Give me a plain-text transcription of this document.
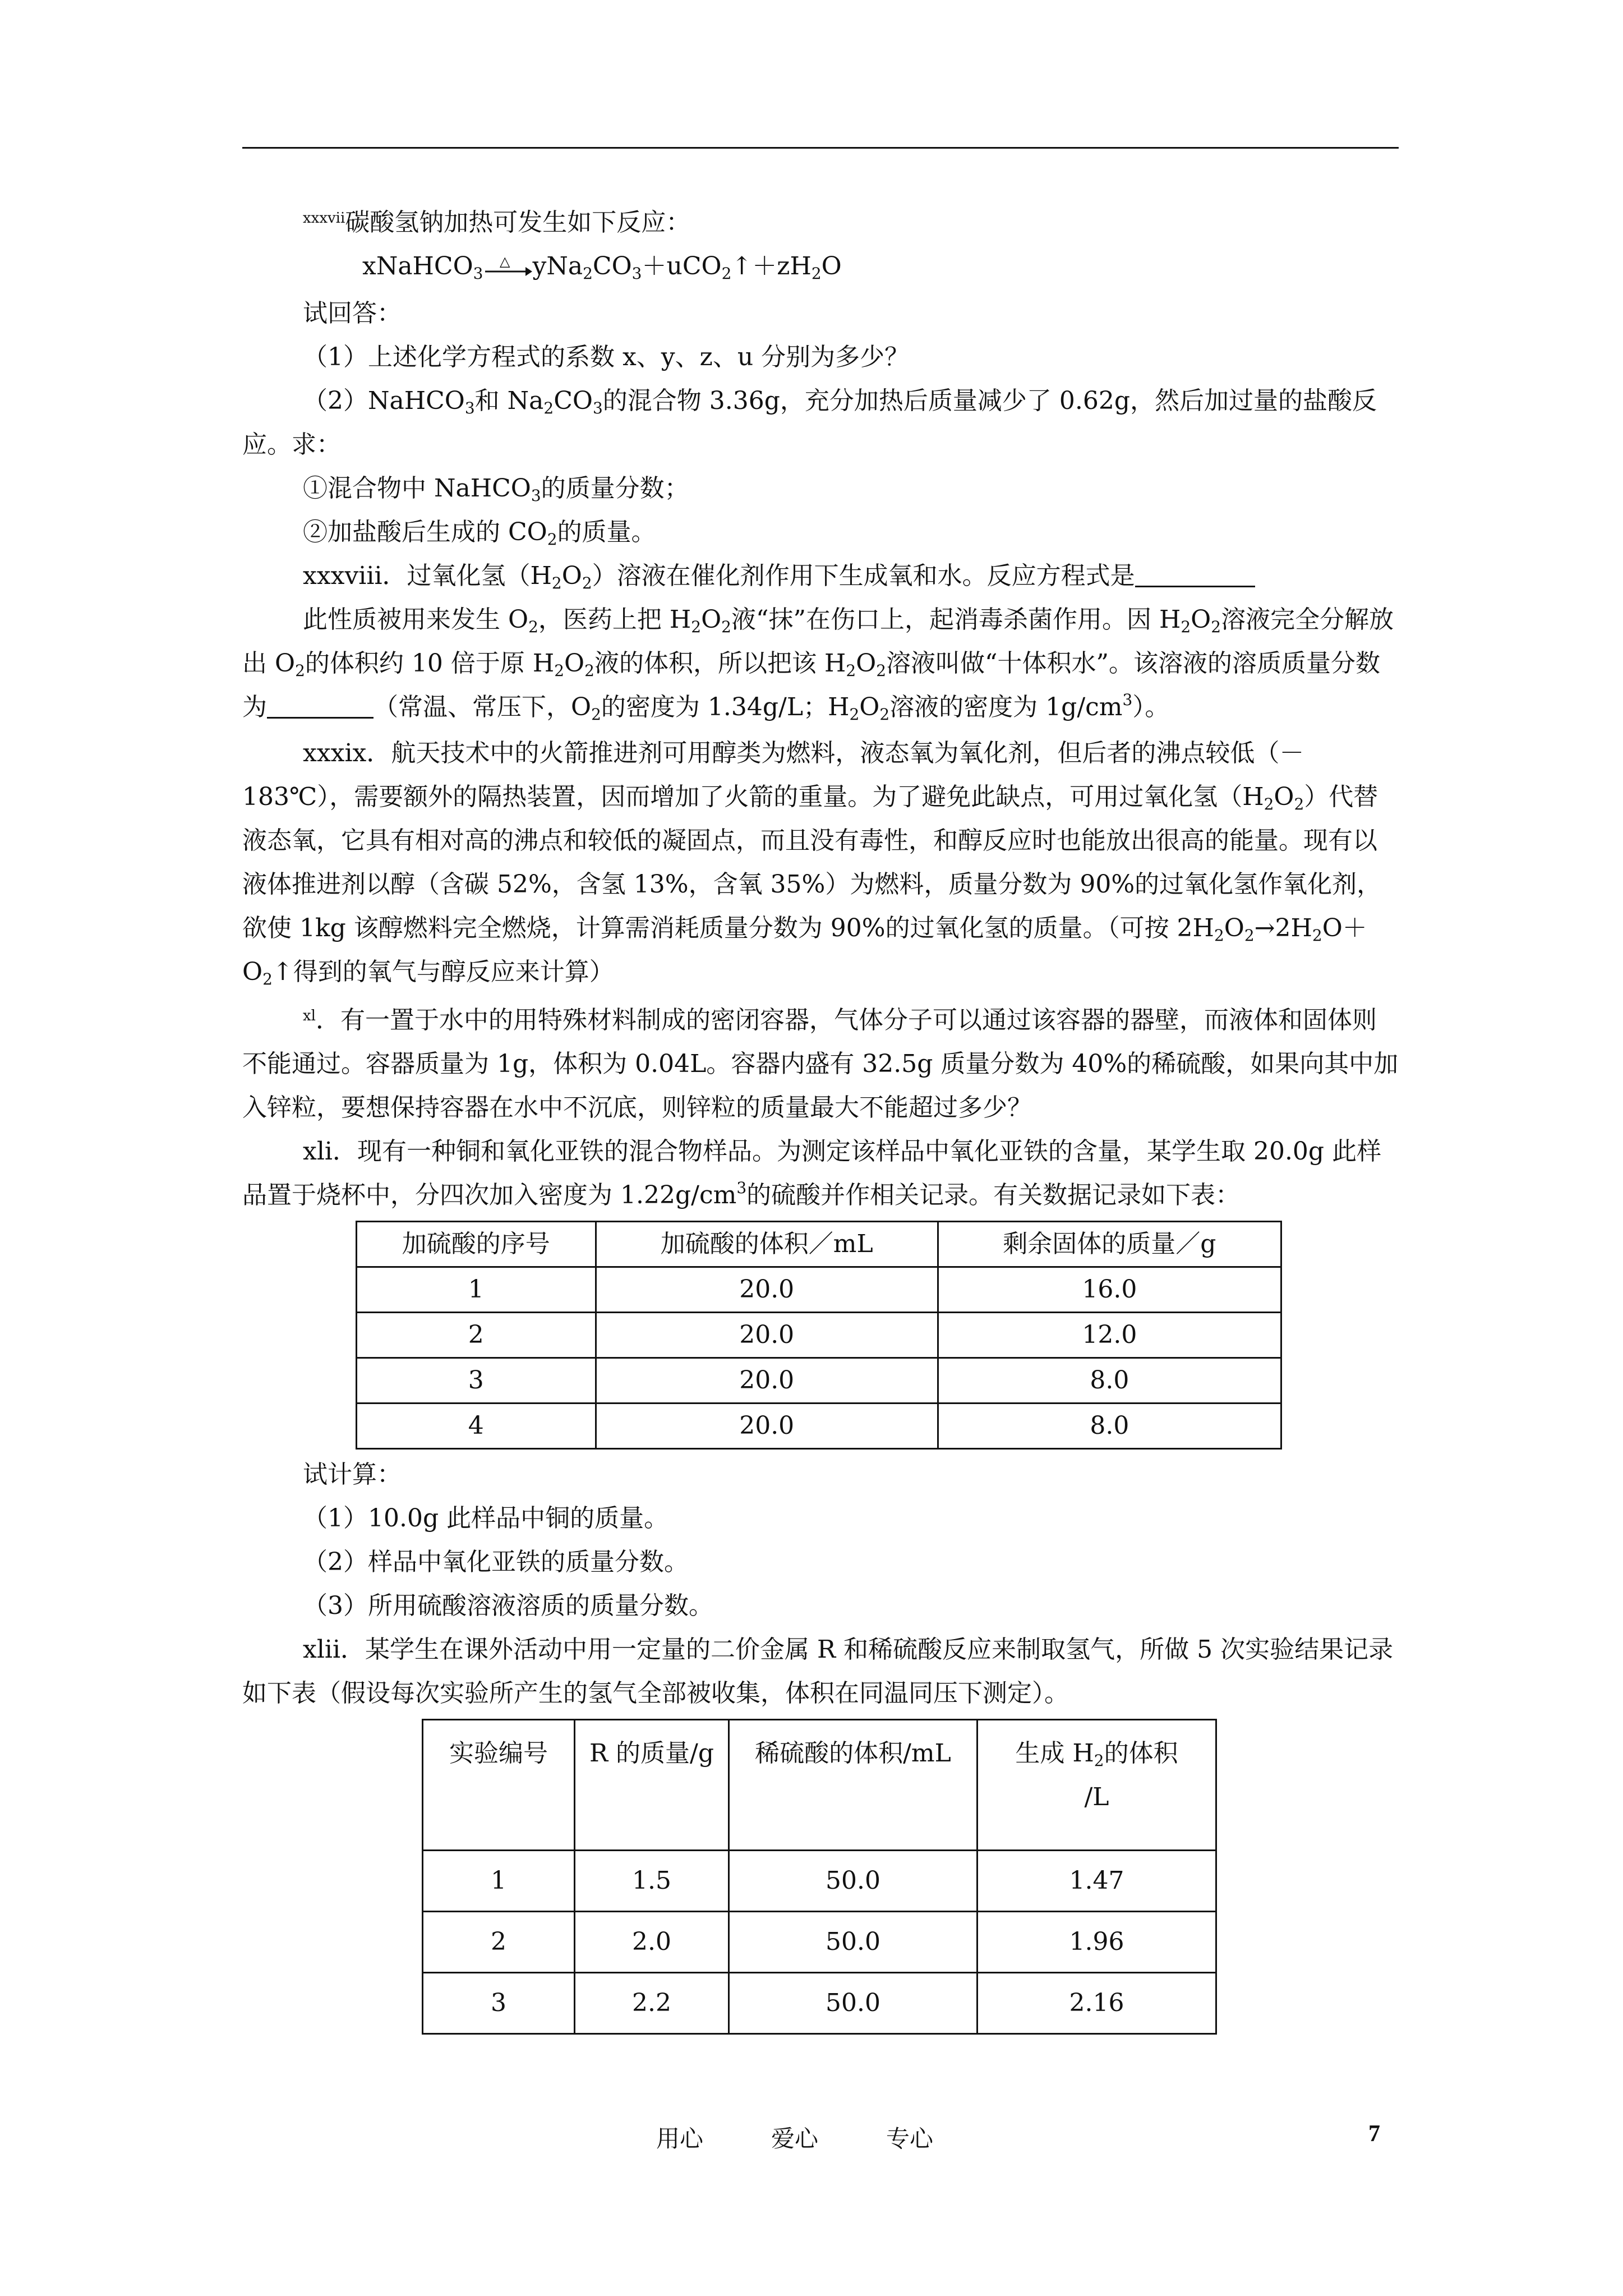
$^{xxxvii}$碳酸氢钠加热可发生如下反应：

xNaHCO$_3$
△ $yNa_2CO_3+uCO_2↑+zH_2O$

试回答：

（1）上述化学方程式的系数 x、y、z、u 分别为多少？

（2）NaHCO$_3$和 $Na_2CO_3$的混合物 3.36g，充分加热后质量减少了 0.62g，然后加过量的盐酸反应。求：

①混合物中 NaHCO$_3$的质量分数；

②加盐酸后生成的 $CO_2$的质量。

xxxviii．过氧化氢$(H_2O_2)$溶液在催化剂作用下生成氧和水。反应方程式是

此性质被用来发生 $O_2$，医药上把 $H_2O_2$液“抹”在伤口上，起消毒杀菌作用。因 $H_2O_2$溶液完全分解放出 $O_2$的体积约 10 倍于原 $H_2O_2$液的体积，所以把该 $H_2O_2$溶液叫做“十体积水”。该溶液的溶质质量分数为	（常温、常压下，$O_2$的密度为 1.34g/L；$H_2O_2$溶液的密度为 $1g/cm^3$）。

xxxix．航天技术中的火箭推进剂可用醇类为燃料，液态氧为氧化剂，但后者的沸点较低（－183℃），需要额外的隔热装置，因而增加了火箭的重量。为了避免此缺点，可用过氧化氢$(H_2O_2)$代替液态氧，它具有相对高的沸点和较低的凝固点，而且没有毒性，和醇反应时也能放出很高的能量。现有以液体推进剂以醇（含碳 52%，含氢 13%，含氧 35%）为燃料，质量分数为 90%的过氧化氢作氧化剂，欲使 1kg 该醇燃料完全燃烧，计算需消耗质量分数为 90%的过氧化氢的质量。（可按 $2H_2O_2\to 2H_2O+O_2↑$得到的氧气与醇反应来计算）

$^{xl}$．有一置于水中的用特殊材料制成的密闭容器，气体分子可以通过该容器的器壁，而液体和固体则不能通过。容器质量为 1g，体积为 0.04L。容器内盛有 32.5g 质量分数为 40%的稀硫酸，如果向其中加入锌粒，要想保持容器在水中不沉底，则锌粒的质量最大不能超过多少？

xli．现有一种铜和氧化亚铁的混合物样品。为测定该样品中氧化亚铁的含量，某学生取 20.0g 此样品置于烧杯中，分四次加入密度为 $1.22g/cm^3$的硫酸并作相关记录。有关数据记录如下表：

加硫酸的序号	加硫酸的体积／mL	剩余固体的质量／g
1	20.0	16.0
2	20.0	12.0
3	20.0	8.0
4	20.0	8.0

试计算：

（1）10.0g 此样品中铜的质量。

（2）样品中氧化亚铁的质量分数。

（3）所用硫酸溶液溶质的质量分数。

xlii．某学生在课外活动中用一定量的二价金属 R 和稀硫酸反应来制取氢气，所做 5 次实验结果记录如下表（假设每次实验所产生的氢气全部被收集，体积在同温同压下测定）。

实验编号	R 的质量/g	稀硫酸的体积/mL	生成 $H_2$的体积
/L
1	1.5	50.0	1.47
2	2.0	50.0	1.96
3	2.2	50.0	2.16
用心	爱心	专心	7
